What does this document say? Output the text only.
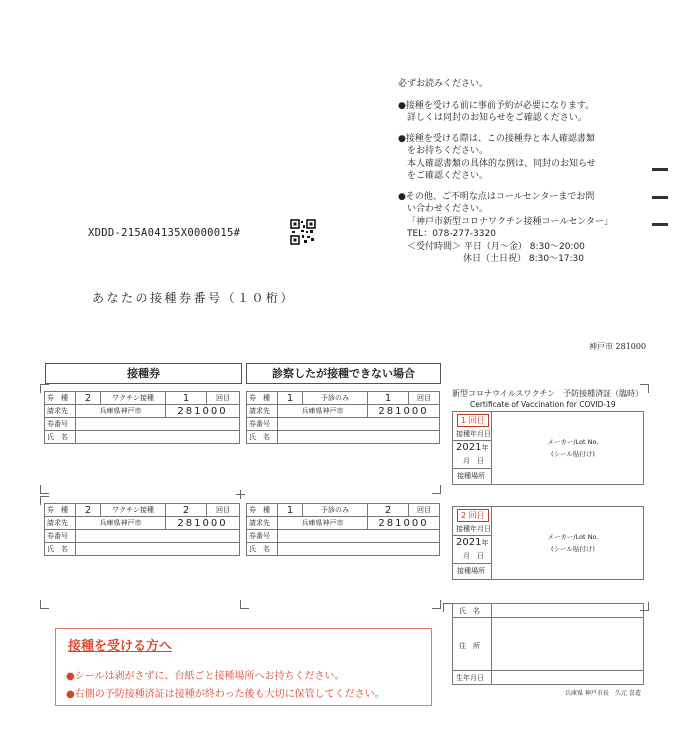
必ずお読みください。
●接種を受ける前に事前予約が必要になります。
詳しくは同封のお知らせをご確認ください。
●接種を受ける際は、この接種券と本人確認書類
をお持ちください。
本人確認書類の具体的な例は、同封のお知らせ
をご確認ください。
●その他、ご不明な点はコールセンターまでお問
い合わせください。
「神戸市新型コロナワクチン接種コールセンター」
TEL：078-277-3320
＜受付時間＞ 平日（月～金） 8:30～20:00
休日（土日祝） 8:30～17:30
XDDD-215A04135X0000015#
あなたの接種券番号（１０桁）
神戸市 281000
接種券	診察したが接種できない場合
券　種	2	ワクチン接種	1	回目
請求先	兵庫県神戸市		281000	
券番号				
氏　名				
券　種	1	予診のみ	1	回目
請求先	兵庫県神戸市		281000	
券番号				
氏　名				
券　種	2	ワクチン接種	2	回目
請求先	兵庫県神戸市		281000	
券番号				
氏　名				
券　種	1	予診のみ	2	回目
請求先	兵庫県神戸市		281000	
券番号				
氏　名				
新型コロナウイルスワクチン　予防接種済証（臨時）
Certificate of Vaccination for COVID-19
1 回目
接種年月日
2021年
月　日
接種場所
メーカー/Lot No.
(シール貼付け)
2 回目
接種年月日
2021年
月　日
接種場所
メーカー/Lot No.
(シール貼付け)
氏　名
住　所
生年月日
兵庫県 神戸市長　久元 喜造
接種を受ける方へ
●シールは剥がさずに、台紙ごと接種場所へお持ちください。
●右側の予防接種済証は接種が終わった後も大切に保管してください。
